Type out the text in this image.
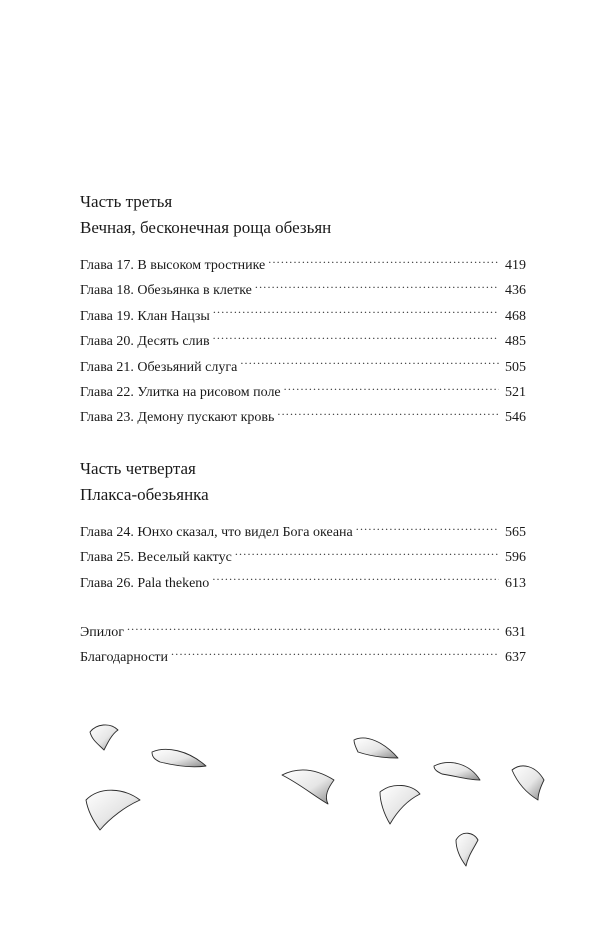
Часть третья
Вечная, бесконечная роща обезьян
Глава 17. В высоком тростнике .....	419
Глава 18. Обезьянка в клетке .....	436
Глава 19. Клан Нацзы .....	468
Глава 20. Десять слив .....	485
Глава 21. Обезьяний слуга .....	505
Глава 22. Улитка на рисовом поле .....	521
Глава 23. Демону пускают кровь .....	546
Часть четвертая
Плакса-обезьянка
Глава 24. Юнхо сказал, что видел Бога океана .....	565
Глава 25. Веселый кактус .....	596
Глава 26. Pala thekeno .....	613
Эпилог .....	631
Благодарности .....	637
